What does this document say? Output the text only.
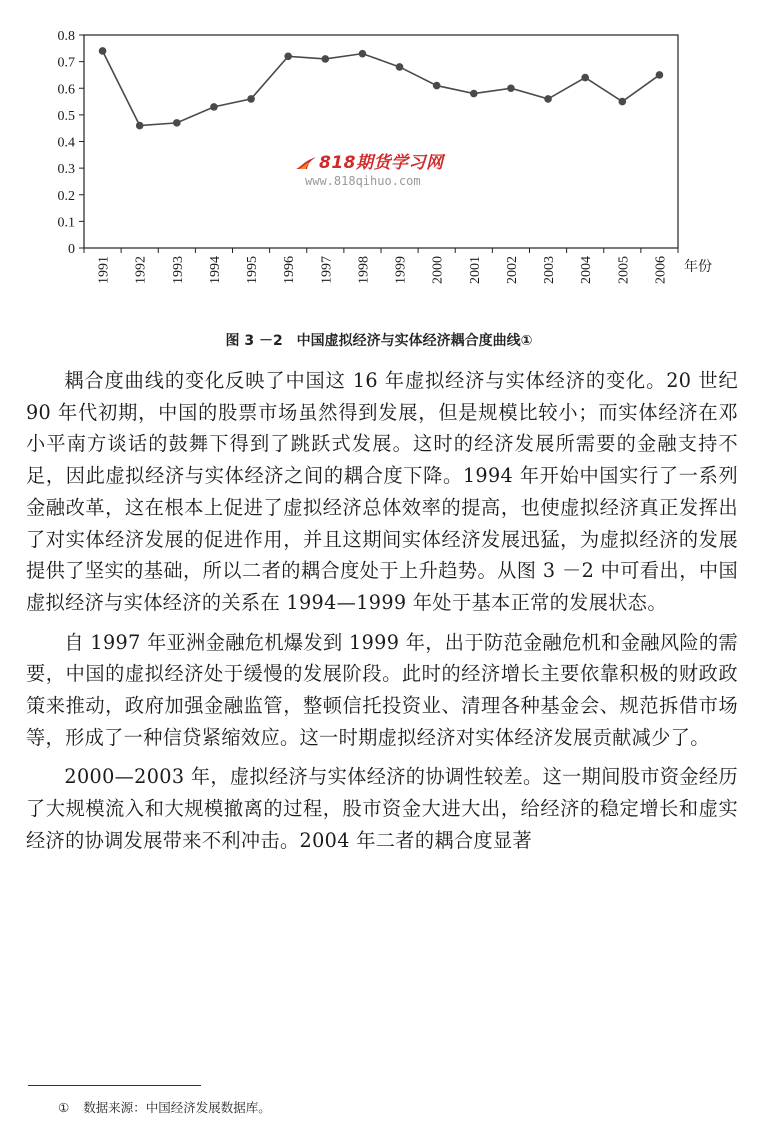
0
0.1
0.2
0.3
0.4
0.5
0.6
0.7
0.8
1991 1992 1993 1994 1995 1996 1997 1998 1999 2000 2001 2002 2003 2004 2005 2006 年份
818期货学习网
www.818qihuo.com
图 3 －2　中国虚拟经济与实体经济耦合度曲线①

耦合度曲线的变化反映了中国这 16 年虚拟经济与实体经济的变化。20 世纪 90 年代初期，中国的股票市场虽然得到发展，但是规模比较小；而实体经济在邓小平南方谈话的鼓舞下得到了跳跃式发展。这时的经济发展所需要的金融支持不足，因此虚拟经济与实体经济之间的耦合度下降。1994 年开始中国实行了一系列金融改革，这在根本上促进了虚拟经济总体效率的提高，也使虚拟经济真正发挥出了对实体经济发展的促进作用，并且这期间实体经济发展迅猛，为虚拟经济的发展提供了坚实的基础，所以二者的耦合度处于上升趋势。从图 3 －2 中可看出，中国虚拟经济与实体经济的关系在 1994—1999 年处于基本正常的发展状态。

自 1997 年亚洲金融危机爆发到 1999 年，出于防范金融危机和金融风险的需要，中国的虚拟经济处于缓慢的发展阶段。此时的经济增长主要依靠积极的财政政策来推动，政府加强金融监管，整顿信托投资业、清理各种基金会、规范拆借市场等，形成了一种信贷紧缩效应。这一时期虚拟经济对实体经济发展贡献减少了。

2000—2003 年，虚拟经济与实体经济的协调性较差。这一期间股市资金经历了大规模流入和大规模撤离的过程，股市资金大进大出，给经济的稳定增长和虚实经济的协调发展带来不利冲击。2004 年二者的耦合度显著

① 数据来源：中国经济发展数据库。
